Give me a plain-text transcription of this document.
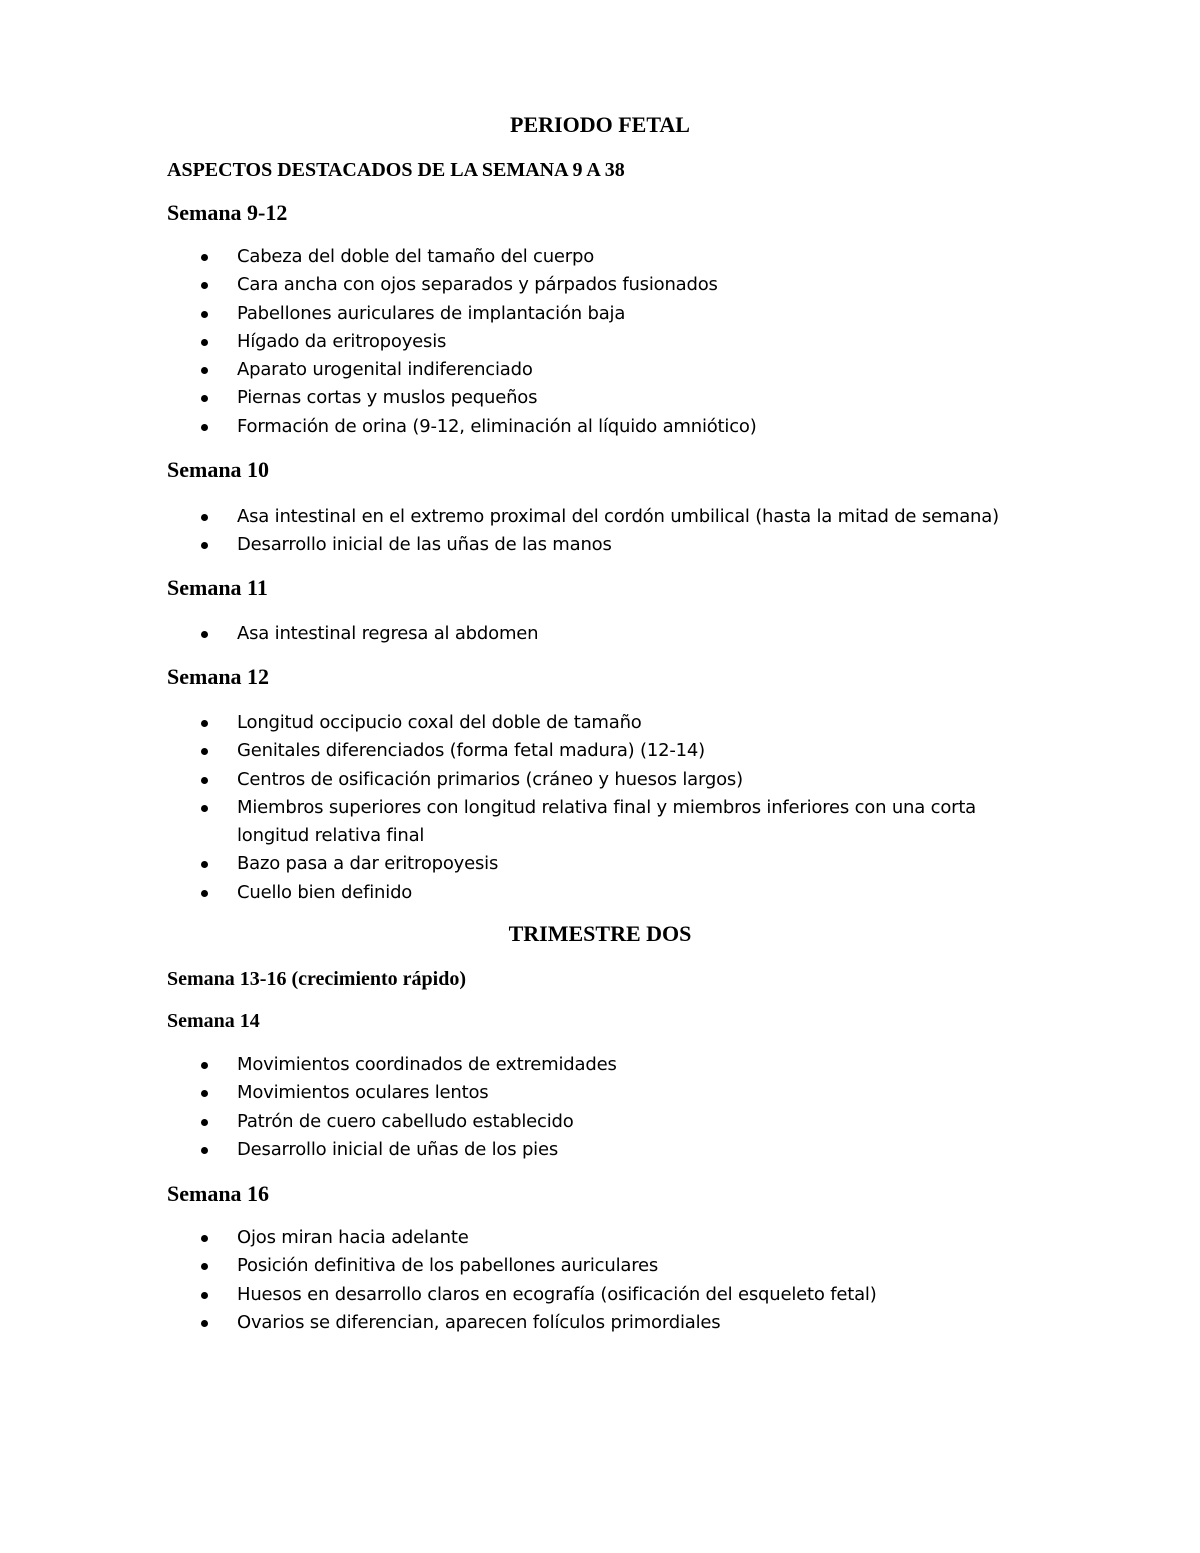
PERIODO FETAL

ASPECTOS DESTACADOS DE LA SEMANA 9 A 38

Semana 9-12
Cabeza del doble del tamaño del cuerpo
Cara ancha con ojos separados y párpados fusionados
Pabellones auriculares de implantación baja
Hígado da eritropoyesis
Aparato urogenital indiferenciado
Piernas cortas y muslos pequeños
Formación de orina (9-12, eliminación al líquido amniótico)
Semana 10
Asa intestinal en el extremo proximal del cordón umbilical (hasta la mitad de semana)
Desarrollo inicial de las uñas de las manos
Semana 11
Asa intestinal regresa al abdomen
Semana 12
Longitud occipucio coxal del doble de tamaño
Genitales diferenciados (forma fetal madura) (12-14)
Centros de osificación primarios (cráneo y huesos largos)
Miembros superiores con longitud relativa final y miembros inferiores con una corta longitud relativa final
Bazo pasa a dar eritropoyesis
Cuello bien definido
TRIMESTRE DOS

Semana 13-16 (crecimiento rápido)

Semana 14

Movimientos coordinados de extremidades
Movimientos oculares lentos
Patrón de cuero cabelludo establecido
Desarrollo inicial de uñas de los pies
Semana 16
Ojos miran hacia adelante
Posición definitiva de los pabellones auriculares
Huesos en desarrollo claros en ecografía (osificación del esqueleto fetal)
Ovarios se diferencian, aparecen folículos primordiales
